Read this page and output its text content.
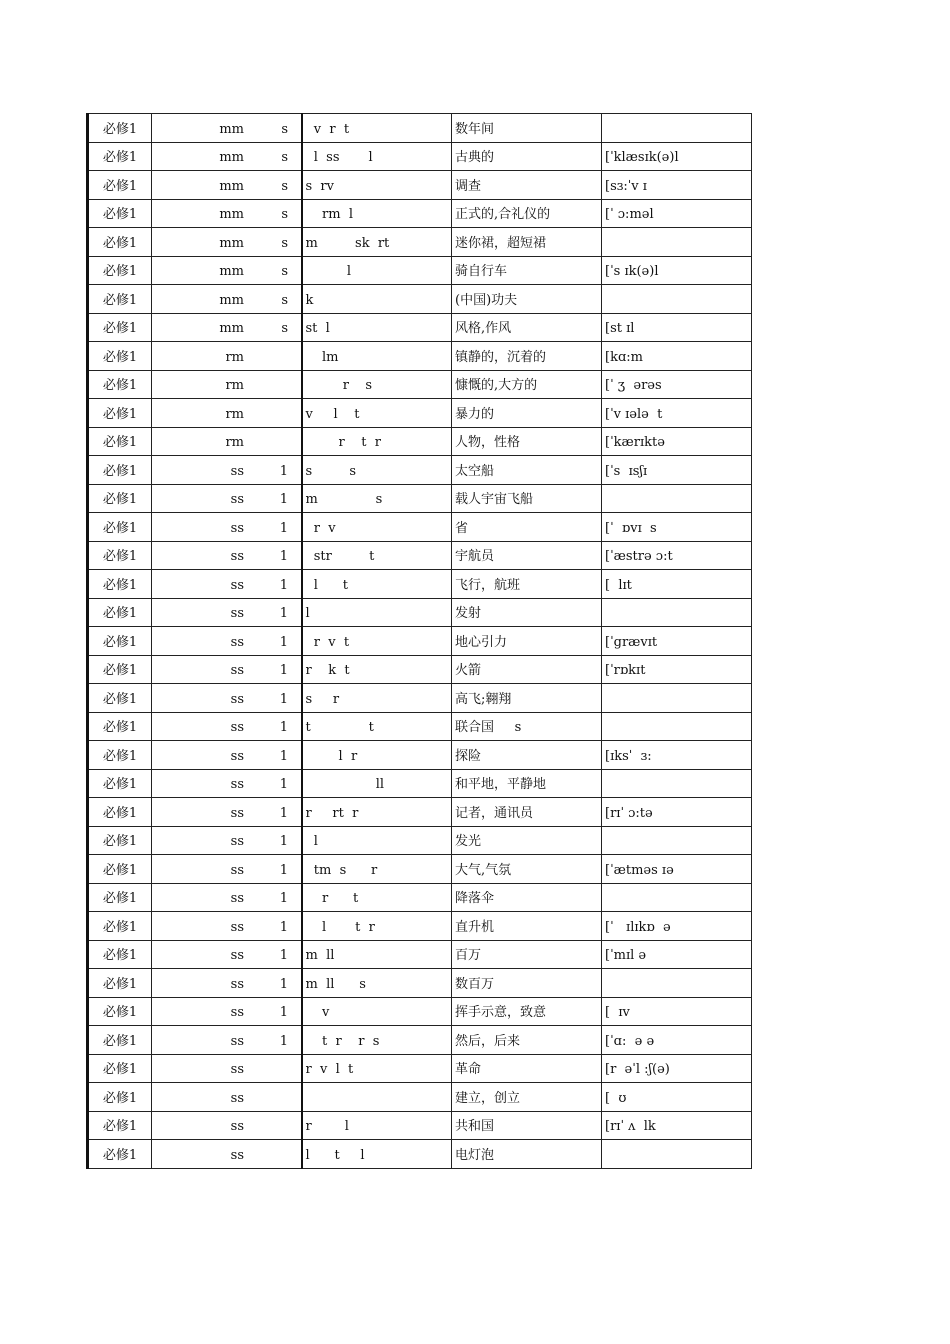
必修1	mm s	v  r  t	数年间	
必修1	mm s	l  ss       l	古典的	[ˈklæsɪk(ə)l
必修1	mm s	s  rv	调查	[sɜ:ˈv ɪ
必修1	mm s	rm  l	正式的,合礼仪的	[ˈ ɔ:məl
必修1	mm s	m         sk  rt	迷你裙，超短裙	
必修1	mm s	l	骑自行车	[ˈs ɪk(ə)l
必修1	mm s	k	(中国)功夫	
必修1	mm s	st  l	风格,作风	[st ɪl
必修1	rm	lm	镇静的，沉着的	[kɑ:m
必修1	rm	r    s	慷慨的,大方的	[ˈ ʒ  ərəs
必修1	rm	v     l    t	暴力的	[ˈv ɪələ  t
必修1	rm	r    t  r	人物，性格	[ˈkærɪktə
必修1	ss 1	s         s	太空船	[ˈs  ɪsʃɪ
必修1	ss 1	m              s	载人宇宙飞船	
必修1	ss 1	r  v	省	[ˈ  ɒvɪ  s
必修1	ss 1	str         t	宇航员	[ˈæstrə ɔ:t
必修1	ss 1	l      t	飞行，航班	[  lɪt
必修1	ss 1	l	发射	
必修1	ss 1	r  v  t	地心引力	[ˈgrævɪt
必修1	ss 1	r    k  t	火箭	[ˈrɒkɪt
必修1	ss 1	s     r	高飞;翱翔	
必修1	ss 1	t              t	联合国     s	
必修1	ss 1	l  r	探险	[ɪksˈ  ɜ:
必修1	ss 1	ll	和平地，平静地	
必修1	ss 1	r     rt  r	记者，通讯员	[rɪˈ ɔ:tə
必修1	ss 1	l	发光	
必修1	ss 1	tm  s      r	大气,气氛	[ˈætməs ɪə
必修1	ss 1	r      t	降落伞	
必修1	ss 1	l       t  r	直升机	[ˈ   ɪlɪkɒ  ə
必修1	ss 1	m  ll	百万	[ˈmɪl ə
必修1	ss 1	m  ll      s	数百万	
必修1	ss 1	v	挥手示意，致意	[  ɪv
必修1	ss 1	t  r    r  s	然后，后来	[ˈɑ:  ə ə
必修1	ss	r  v  l  t	革命	[r  əˈl :ʃ(ə)
必修1	ss		建立，创立	[  ʊ
必修1	ss	r        l	共和国	[rɪˈ ʌ  lk
必修1	ss	l      t     l	电灯泡	
